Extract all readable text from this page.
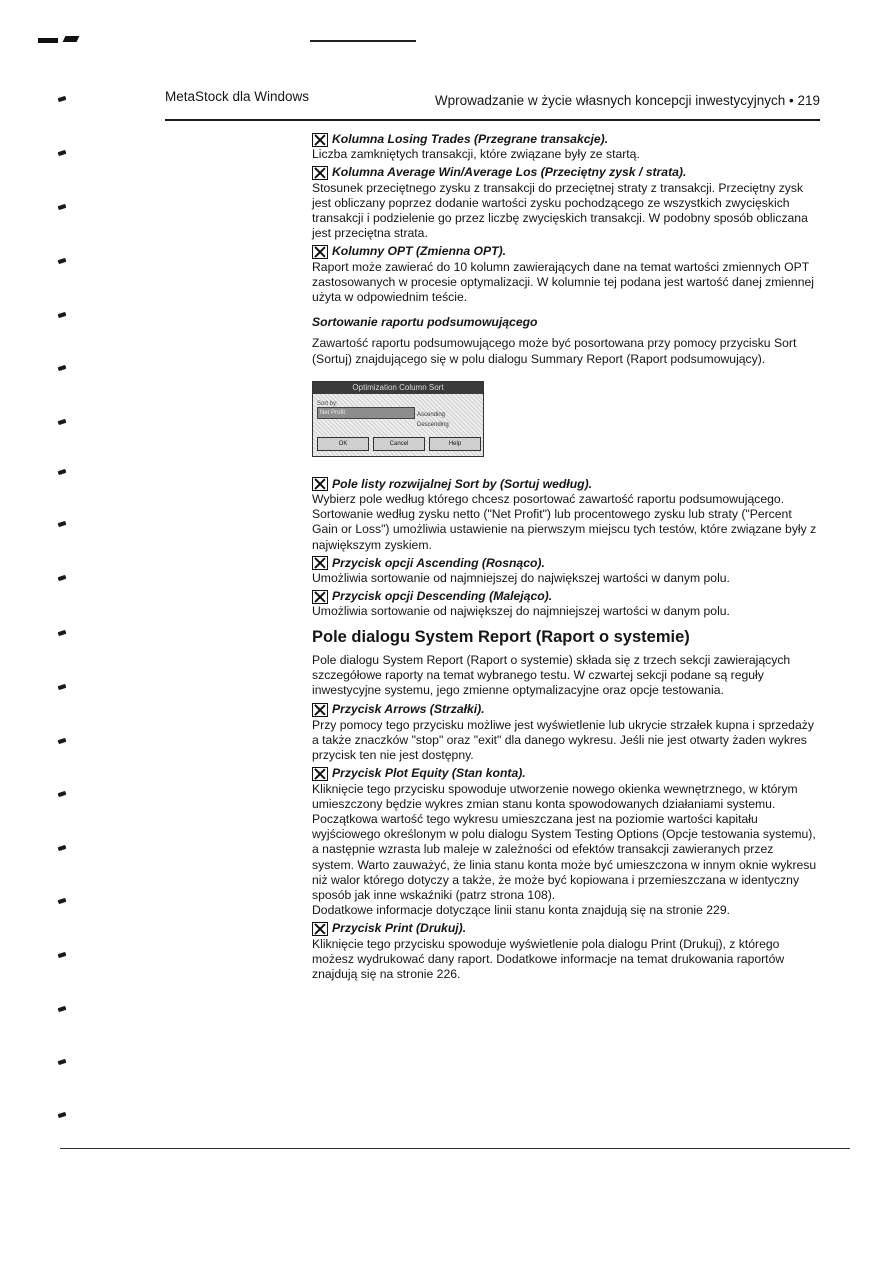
MetaStock dla Windows	Wprowadzanie w życie własnych koncepcji inwestycyjnych • 219
Kolumna Losing Trades (Przegrane transakcje).
Liczba zamkniętych transakcji, które związane były ze startą.
Kolumna Average Win/Average Los (Przeciętny zysk / strata).
Stosunek przeciętnego zysku z transakcji do przeciętnej straty z transakcji. Przeciętny zysk jest obliczany poprzez dodanie wartości zysku pochodzącego ze wszystkich zwycięskich transakcji i podzielenie go przez liczbę zwycięskich transakcji. W podobny sposób obliczana jest przeciętna strata.
Kolumny OPT (Zmienna OPT).
Raport może zawierać do 10 kolumn zawierających dane na temat wartości zmiennych OPT zastosowanych w procesie optymalizacji. W kolumnie tej podana jest wartość danej zmiennej użyta w odpowiednim teście.
Sortowanie raportu podsumowującego
Zawartość raportu podsumowującego może być posortowana przy pomocy przycisku Sort (Sortuj) znajdującego się w polu dialogu Summary Report (Raport podsumowujący).
Optimization Column Sort
Sort by:
Net Profit	Ascending
Descending
OK	Cancel	Help
Pole listy rozwijalnej Sort by (Sortuj według).
Wybierz pole według którego chcesz posortować zawartość raportu podsumowującego. Sortowanie według zysku netto ("Net Profit") lub procentowego zysku lub straty ("Percent Gain or Loss") umożliwia ustawienie na pierwszym miejscu tych testów, które związane były z największym zyskiem.
Przycisk opcji Ascending (Rosnąco).
Umożliwia sortowanie od najmniejszej do największej wartości w danym polu.
Przycisk opcji Descending (Malejąco).
Umożliwia sortowanie od największej do najmniejszej wartości w danym polu.
Pole dialogu System Report (Raport o systemie)
Pole dialogu System Report (Raport o systemie) składa się z trzech sekcji zawierających szczegółowe raporty na temat wybranego testu. W czwartej sekcji podane są reguły inwestycyjne systemu, jego zmienne optymalizacyjne oraz opcje testowania.
Przycisk Arrows (Strzałki).
Przy pomocy tego przycisku możliwe jest wyświetlenie lub ukrycie strzałek kupna i sprzedaży a także znaczków "stop" oraz "exit" dla danego wykresu. Jeśli nie jest otwarty żaden wykres przycisk ten nie jest dostępny.
Przycisk Plot Equity (Stan konta).
Kliknięcie tego przycisku spowoduje utworzenie nowego okienka wewnętrznego, w którym umieszczony będzie wykres zmian stanu konta spowodowanych działaniami systemu. Początkowa wartość tego wykresu umieszczana jest na poziomie wartości kapitału wyjściowego określonym w polu dialogu System Testing Options (Opcje testowania systemu), a następnie wzrasta lub maleje w zależności od efektów transakcji zawieranych przez system. Warto zauważyć, że linia stanu konta może być umieszczona w innym oknie wykresu niż walor którego dotyczy a także, że może być kopiowana i przemieszczana w identyczny sposób jak inne wskaźniki (patrz strona 108).
Dodatkowe informacje dotyczące linii stanu konta znajdują się na stronie 229.
Przycisk Print (Drukuj).
Kliknięcie tego przycisku spowoduje wyświetlenie pola dialogu Print (Drukuj), z którego możesz wydrukować dany raport. Dodatkowe informacje na temat drukowania raportów znajdują się na stronie 226.
